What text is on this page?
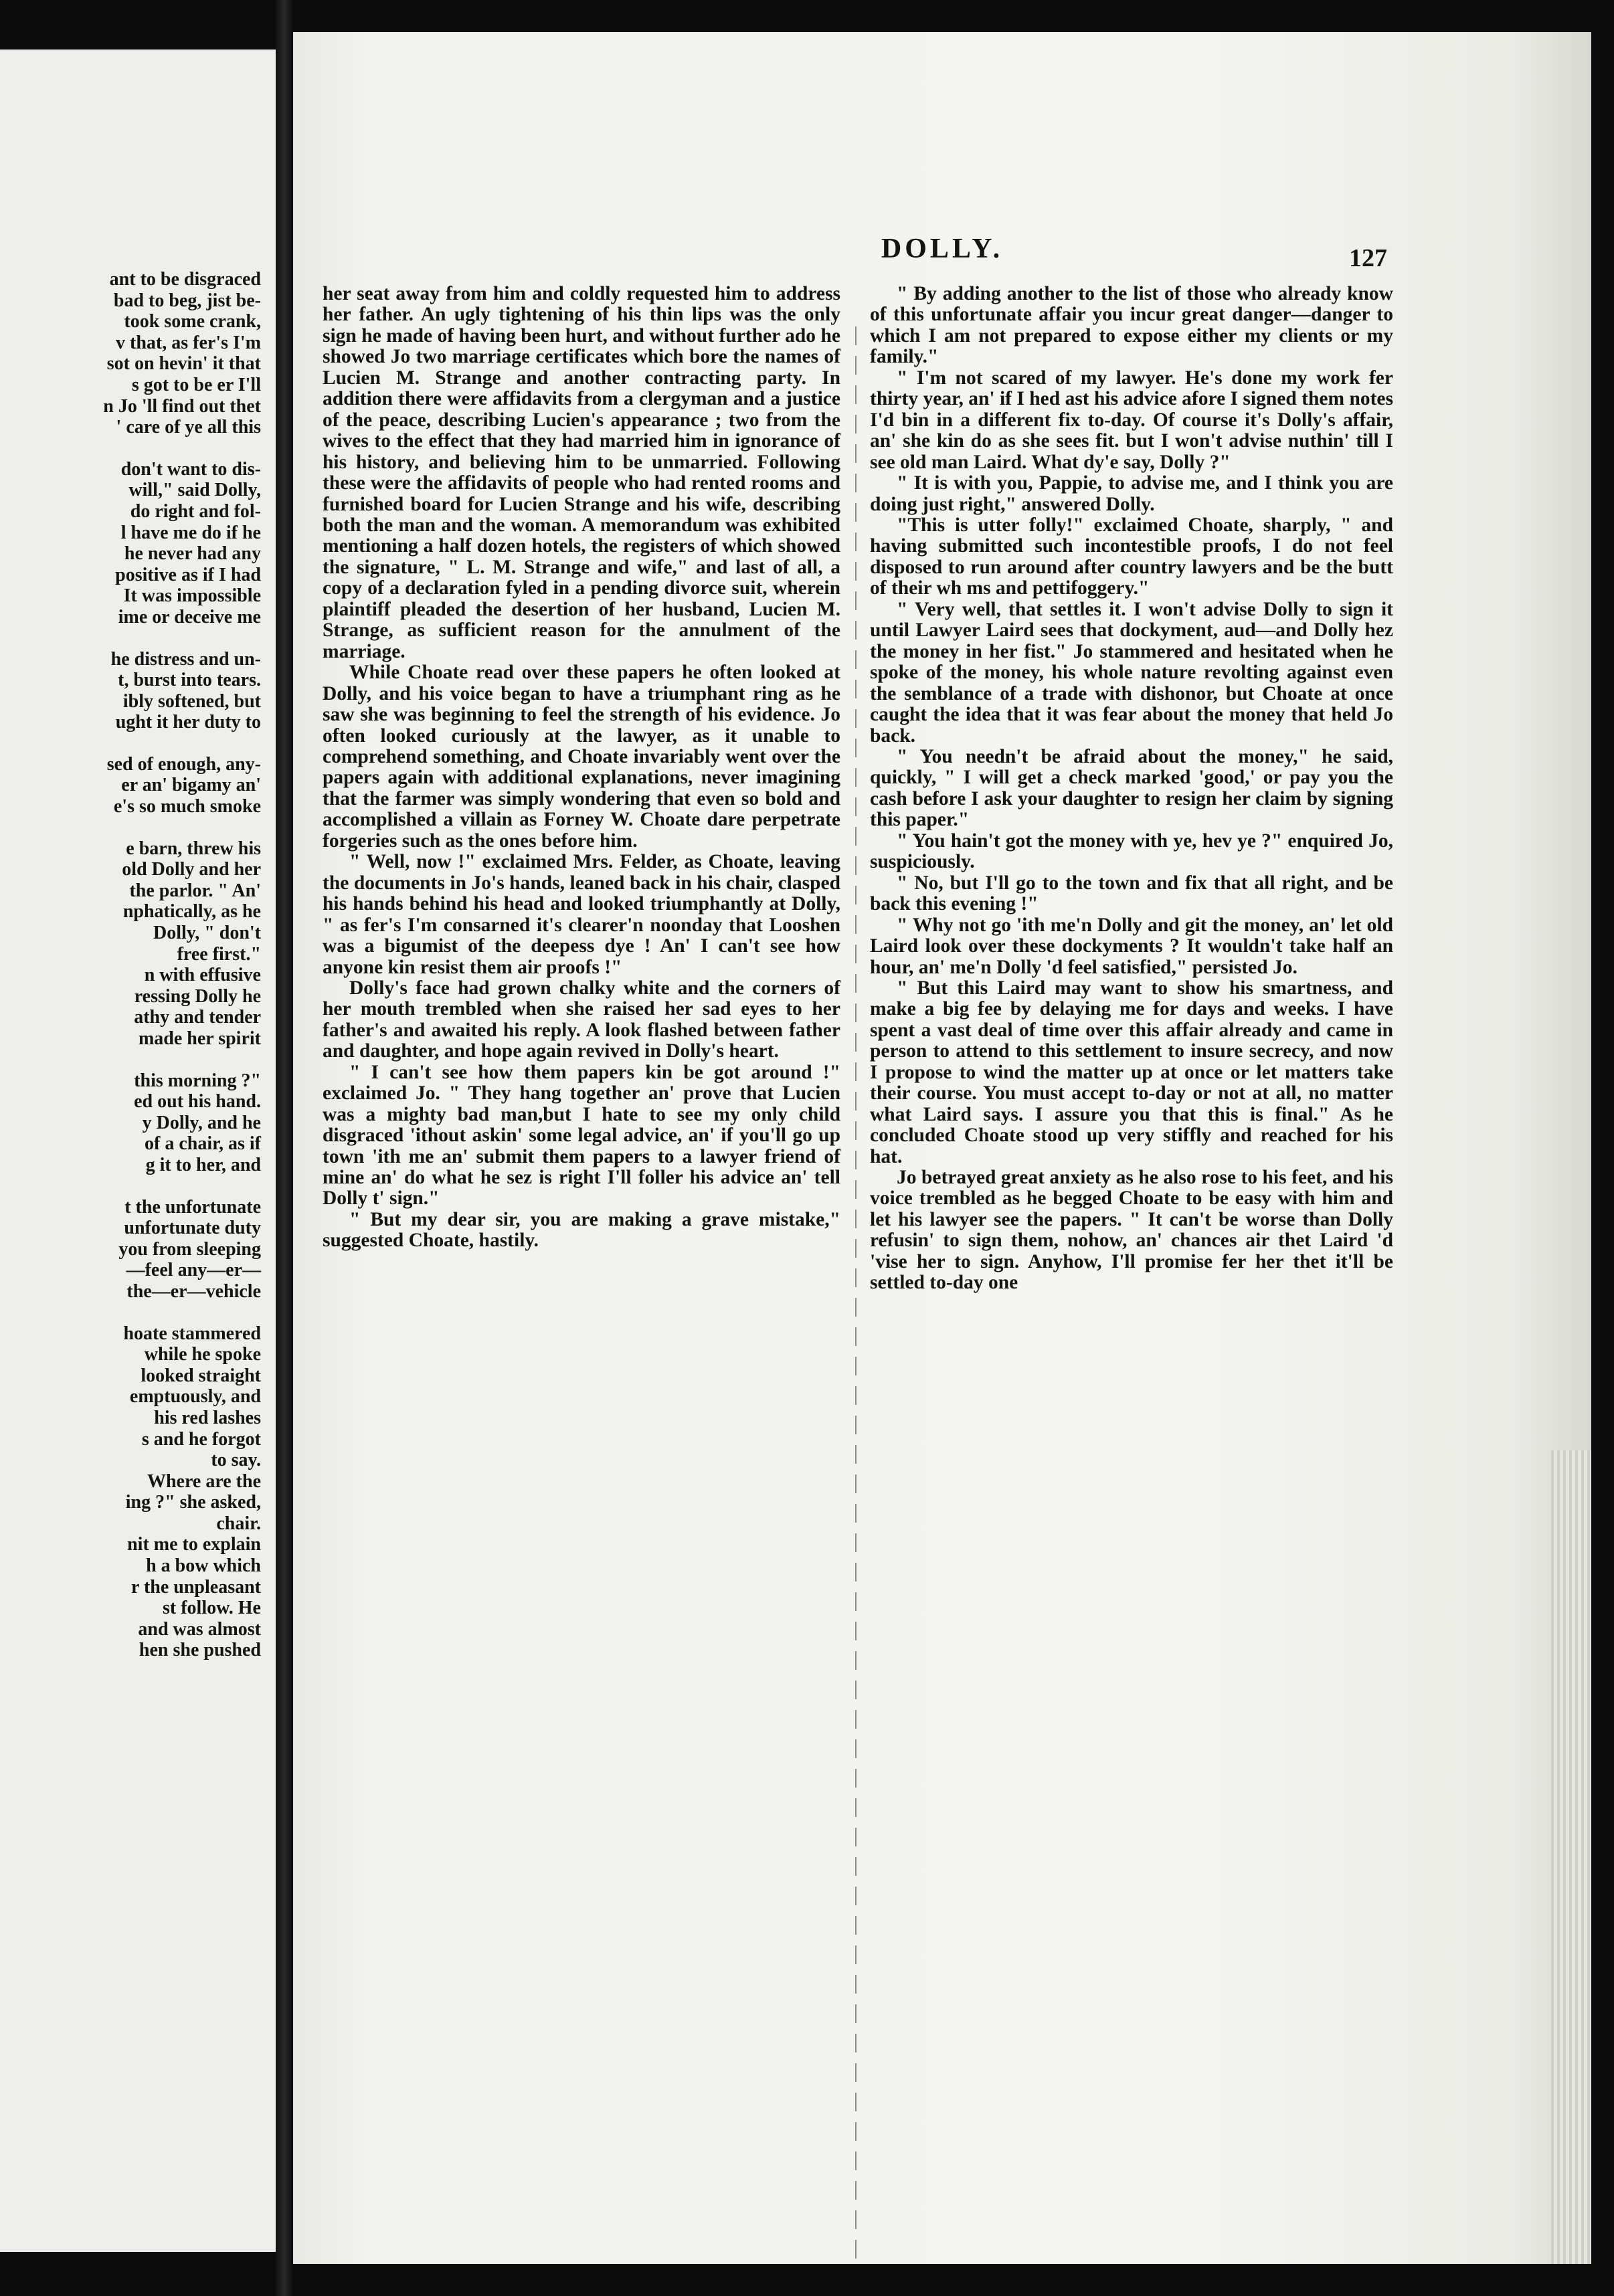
ant to be disgraced
bad to beg, jist be-
took some crank,
v that, as fer's I'm
sot on hevin' it that
s got to be er I'll
n Jo 'll find out thet
' care of ye all this
don't want to dis-
will," said Dolly,
do right and fol-
l have me do if he
he never had any
positive as if I had
It was impossible
ime or deceive me
he distress and un-
t, burst into tears.
ibly softened, but
ught it her duty to
sed of enough, any-
er an' bigamy an'
e's so much smoke
e barn, threw his
old Dolly and her
the parlor. " An'
nphatically, as he
Dolly, " don't
free first."
n with effusive
ressing Dolly he
athy and tender
made her spirit
this morning ?"
ed out his hand.
y Dolly, and he
of a chair, as if
g it to her, and
t the unfortunate
unfortunate duty
you from sleeping
—feel any—er—
the—er—vehicle
hoate stammered
while he spoke
looked straight
emptuously, and
his red lashes
s and he forgot
to say.
Where are the
ing ?" she asked,
chair.
nit me to explain
h a bow which
r the unpleasant
st follow. He
and was almost
hen she pushed
DOLLY.	127

her seat away from him and coldly requested him to address her father. An ugly tightening of his thin lips was the only sign he made of having been hurt, and without further ado he showed Jo two marriage certificates which bore the names of Lucien M. Strange and another contracting party. In addition there were affidavits from a clergyman and a justice of the peace, describing Lucien's appearance ; two from the wives to the effect that they had married him in ignorance of his history, and believing him to be unmarried. Following these were the affidavits of people who had rented rooms and furnished board for Lucien Strange and his wife, describing both the man and the woman. A memorandum was exhibited mentioning a half dozen hotels, the registers of which showed the signature, " L. M. Strange and wife," and last of all, a copy of a declaration fyled in a pending divorce suit, wherein plaintiff pleaded the desertion of her husband, Lucien M. Strange, as sufficient reason for the annulment of the marriage.

While Choate read over these papers he often looked at Dolly, and his voice began to have a triumphant ring as he saw she was beginning to feel the strength of his evidence. Jo often looked curiously at the lawyer, as it unable to comprehend something, and Choate invariably went over the papers again with additional explanations, never imagining that the farmer was simply wondering that even so bold and accomplished a villain as Forney W. Choate dare perpetrate forgeries such as the ones before him.

" Well, now !" exclaimed Mrs. Felder, as Choate, leaving the documents in Jo's hands, leaned back in his chair, clasped his hands behind his head and looked triumphantly at Dolly, " as fer's I'm consarned it's clearer'n noonday that Looshen was a bigumist of the deepess dye ! An' I can't see how anyone kin resist them air proofs !"

Dolly's face had grown chalky white and the corners of her mouth trembled when she raised her sad eyes to her father's and awaited his reply. A look flashed between father and daughter, and hope again revived in Dolly's heart.

" I can't see how them papers kin be got around !" exclaimed Jo. " They hang together an' prove that Lucien was a mighty bad man,but I hate to see my only child disgraced 'ithout askin' some legal advice, an' if you'll go up town 'ith me an' submit them papers to a lawyer friend of mine an' do what he sez is right I'll foller his advice an' tell Dolly t' sign."

" But my dear sir, you are making a grave mistake," suggested Choate, hastily.

" By adding another to the list of those who already know of this unfortunate affair you incur great danger—danger to which I am not prepared to expose either my clients or my family."

" I'm not scared of my lawyer. He's done my work fer thirty year, an' if I hed ast his advice afore I signed them notes I'd bin in a different fix to-day. Of course it's Dolly's affair, an' she kin do as she sees fit. but I won't advise nuthin' till I see old man Laird. What dy'e say, Dolly ?"

" It is with you, Pappie, to advise me, and I think you are doing just right," answered Dolly.

"This is utter folly!" exclaimed Choate, sharply, " and having submitted such incontestible proofs, I do not feel disposed to run around after country lawyers and be the butt of their wh ms and pettifoggery."

" Very well, that settles it. I won't advise Dolly to sign it until Lawyer Laird sees that dockyment, aud—and Dolly hez the money in her fist." Jo stammered and hesitated when he spoke of the money, his whole nature revolting against even the semblance of a trade with dishonor, but Choate at once caught the idea that it was fear about the money that held Jo back.

" You needn't be afraid about the money," he said, quickly, " I will get a check marked 'good,' or pay you the cash before I ask your daughter to resign her claim by signing this paper."

" You hain't got the money with ye, hev ye ?" enquired Jo, suspiciously.

" No, but I'll go to the town and fix that all right, and be back this evening !"

" Why not go 'ith me'n Dolly and git the money, an' let old Laird look over these dockyments ? It wouldn't take half an hour, an' me'n Dolly 'd feel satisfied," persisted Jo.

" But this Laird may want to show his smartness, and make a big fee by delaying me for days and weeks. I have spent a vast deal of time over this affair already and came in person to attend to this settlement to insure secrecy, and now I propose to wind the matter up at once or let matters take their course. You must accept to-day or not at all, no matter what Laird says. I assure you that this is final." As he concluded Choate stood up very stiffly and reached for his hat.

Jo betrayed great anxiety as he also rose to his feet, and his voice trembled as he begged Choate to be easy with him and let his lawyer see the papers. " It can't be worse than Dolly refusin' to sign them, nohow, an' chances air thet Laird 'd 'vise her to sign. Anyhow, I'll promise fer her thet it'll be settled to-day one
